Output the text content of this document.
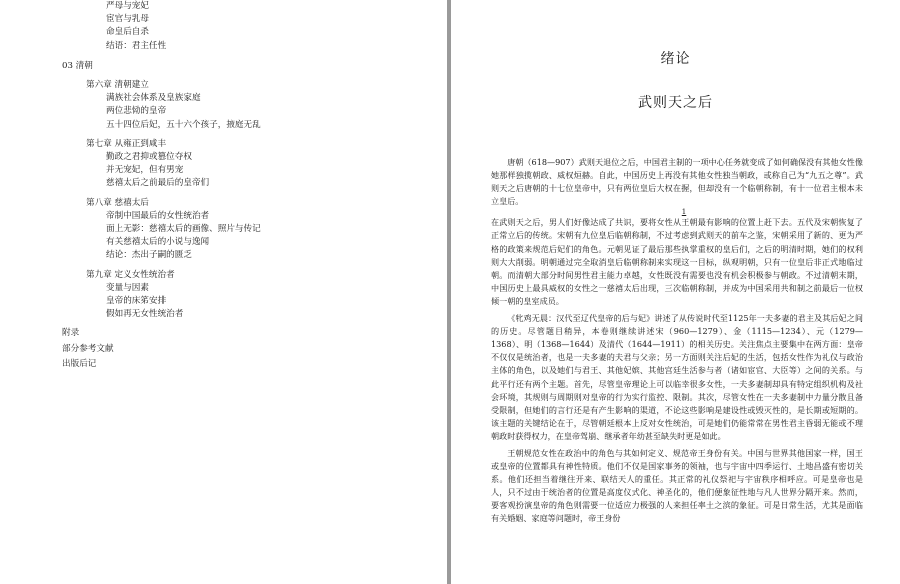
严母与宠妃
宦官与乳母
命皇后自杀
结语：君主任性
03 清朝
第六章 清朝建立
满族社会体系及皇族家庭
两位悲恸的皇帝
五十四位后妃，五十六个孩子，掖庭无乱
第七章 从雍正到咸丰
勤政之君抑或篡位夺权
并无宠妃，但有男宠
慈禧太后之前最后的皇帝们
第八章 慈禧太后
帝制中国最后的女性统治者
面上无影：慈禧太后的画像、照片与传记
有关慈禧太后的小说与逸闻
结论：杰出子嗣的匮乏
第九章 定义女性统治者
变量与因素
皇帝的床笫安排
假如再无女性统治者
附录
部分参考文献
出版后记
绪论
武则天之后

唐朝（618—907）武则天退位之后，中国君主制的一项中心任务就变成了如何确保没有其他女性像她那样独揽朝政、威权烜赫。自此，中国历史上再没有其他女性独当朝政，或称自己为“九五之尊”。武则天之后唐朝的十七位皇帝中，只有两位皇后大权在握，但却没有一个临朝称制，有十一位君主根本未立皇后。

1

在武则天之后，男人们好像达成了共识，要将女性从王朝最有影响的位置上赶下去。五代及宋朝恢复了正常立后的传统。宋朝有九位皇后临朝称制，不过考虑到武则天的前车之鉴，宋朝采用了新的、更为严格的政策来规范后妃们的角色。元朝见证了最后那些执掌重权的皇后们，之后的明清时期，她们的权利则大大削弱。明朝通过完全取消皇后临朝称制来实现这一目标，纵观明朝，只有一位皇后非正式地临过朝。而清朝大部分时间男性君主能力卓越，女性既没有需要也没有机会积极参与朝政。不过清朝末期，中国历史上最具威权的女性之一慈禧太后出现，三次临朝称制，并成为中国采用共和制之前最后一位权倾一朝的皇室成员。

《牝鸡无晨：汉代至辽代皇帝的后与妃》讲述了从传说时代至1125年一夫多妻的君主及其后妃之间的历史。尽管题目稍异，本卷则继续讲述宋（960—1279）、金（1115—1234）、元（1279—1368）、明（1368—1644）及清代（1644—1911）的相关历史。关注焦点主要集中在两方面：皇帝不仅仅是统治者，也是一夫多妻的夫君与父亲；另一方面则关注后妃的生活，包括女性作为礼仪与政治主体的角色，以及她们与君王、其他妃嫔、其他宫廷生活参与者（诸如宦官、大臣等）之间的关系。与此平行还有两个主题。首先，尽管皇帝理论上可以临幸很多女性，一夫多妻制却具有特定组织机构及社会环境，其规则与周期则对皇帝的行为实行监控、限制。其次，尽管女性在一夫多妻制中力量分散且备受限制，但她们的言行还是有产生影响的渠道，不论这些影响是建设性或毁灭性的，是长期或短期的。该主题的关键结论在于，尽管朝廷根本上反对女性统治，可是她们仍能常常在男性君主昏弱无能或不理朝政时获得权力，在皇帝驾崩、继承者年幼甚至缺失时更是如此。

王朝规范女性在政治中的角色与其如何定义、规范帝王身份有关。中国与世界其他国家一样，国王或皇帝的位置都具有神性特质。他们不仅是国家事务的领袖，也与宇宙中四季运行、土地昌盛有密切关系。他们还担当着继往开来、联结天人的重任。其正常的礼仪祭祀与宇宙秩序相呼应。可是皇帝也是人，只不过由于统治者的位置是高度仪式化、神圣化的，他们便象征性地与凡人世界分隔开来。然而，要客观扮演皇帝的角色则需要一位适应力极强的人来担任率土之滨的象征。可是日常生活，尤其是面临有关婚姻、家庭等问题时，帝王身份
